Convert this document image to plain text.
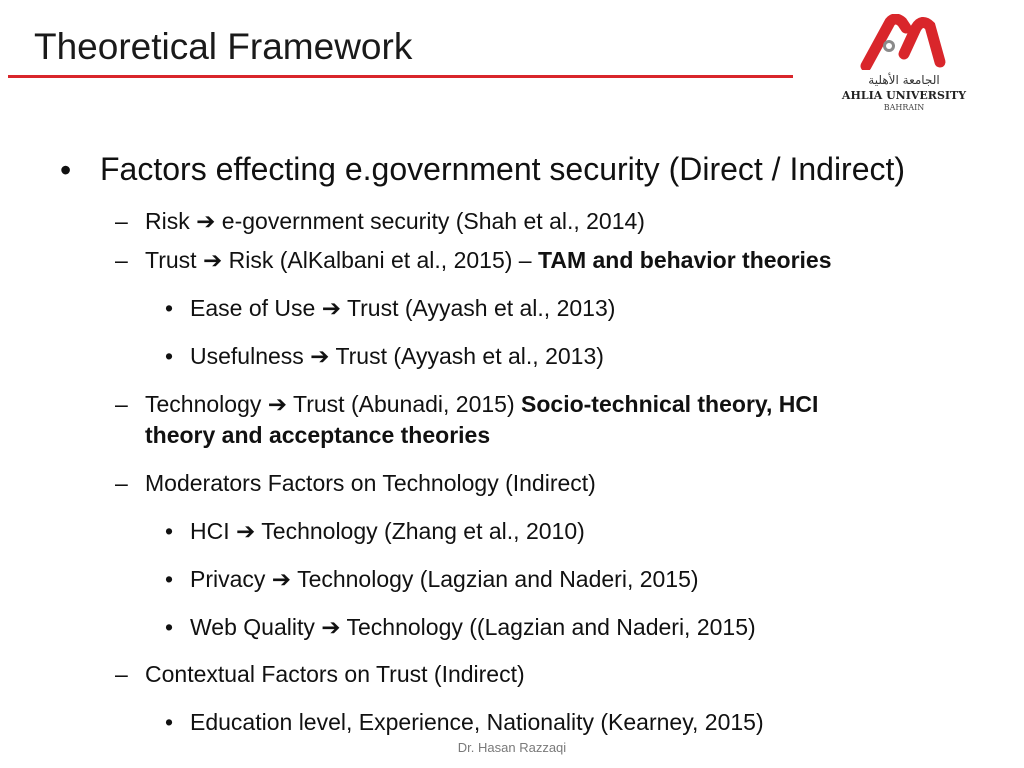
Theoretical Framework
الجامعة الأهلية
AHLIA UNIVERSITY
BAHRAIN
• Factors effecting e.government security (Direct / Indirect)
– Risk ➔ e-government security (Shah et al., 2014)
– Trust ➔ Risk (AlKalbani et al., 2015) – TAM and behavior theories
• Ease of Use ➔ Trust (Ayyash et al., 2013)
• Usefulness ➔ Trust (Ayyash et al., 2013)
– Technology ➔ Trust (Abunadi, 2015) Socio-technical theory, HCI
theory and acceptance theories
– Moderators Factors on Technology (Indirect)
• HCI ➔ Technology (Zhang et al., 2010)
• Privacy ➔ Technology (Lagzian and Naderi, 2015)
• Web Quality ➔ Technology ((Lagzian and Naderi, 2015)
– Contextual Factors on Trust (Indirect)
• Education level, Experience, Nationality (Kearney, 2015)
Dr. Hasan Razzaqi
